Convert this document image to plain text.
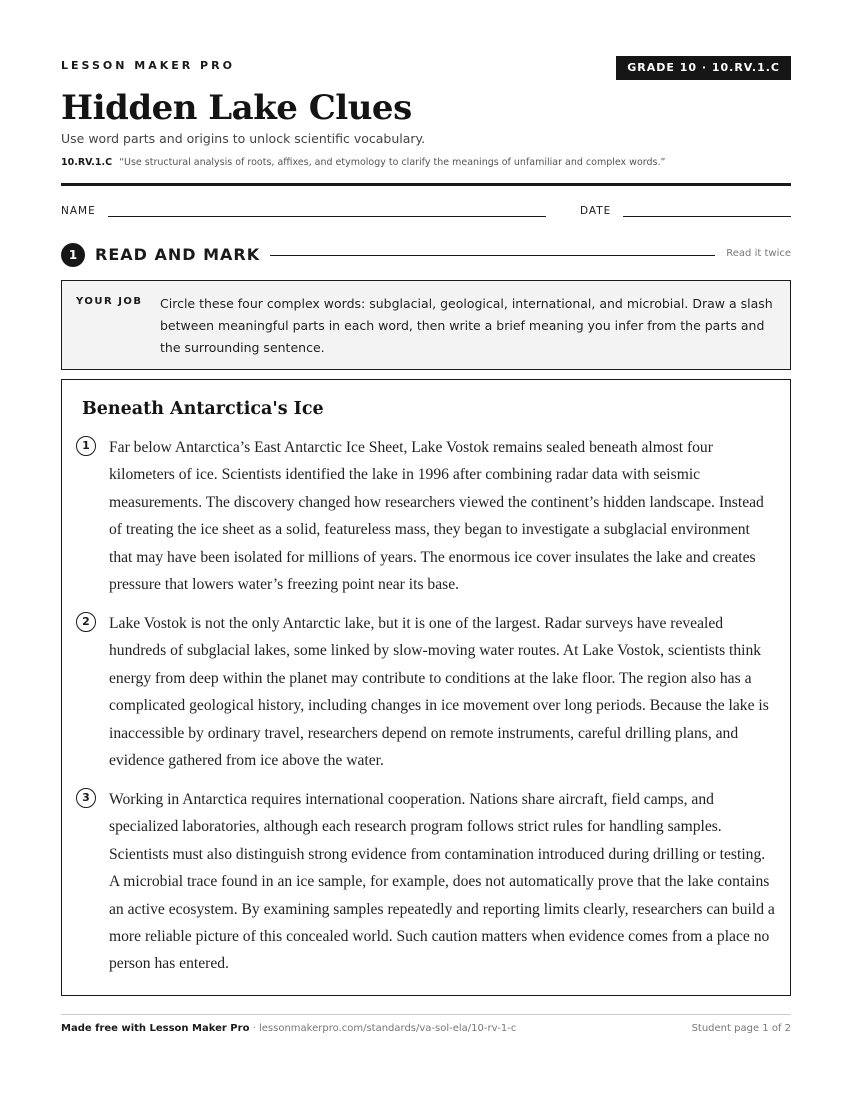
LESSON MAKER PRO	GRADE 10 · 10.RV.1.C
Hidden Lake Clues
Use word parts and origins to unlock scientific vocabulary.
10.RV.1.C “Use structural analysis of roots, affixes, and etymology to clarify the meanings of unfamiliar and complex words.”
NAME	DATE
1	READ AND MARK	Read it twice
YOUR JOB Circle these four complex words: subglacial, geological, international, and microbial. Draw a slash between meaningful parts in each word, then write a brief meaning you infer from the parts and the surrounding sentence.
Beneath Antarctica's Ice
1	Far below Antarctica’s East Antarctic Ice Sheet, Lake Vostok remains sealed beneath almost four kilometers of ice. Scientists identified the lake in 1996 after combining radar data with seismic measurements. The discovery changed how researchers viewed the continent’s hidden landscape. Instead of treating the ice sheet as a solid, featureless mass, they began to investigate a subglacial environment that may have been isolated for millions of years. The enormous ice cover insulates the lake and creates pressure that lowers water’s freezing point near its base.

2	Lake Vostok is not the only Antarctic lake, but it is one of the largest. Radar surveys have revealed hundreds of subglacial lakes, some linked by slow-moving water routes. At Lake Vostok, scientists think energy from deep within the planet may contribute to conditions at the lake floor. The region also has a complicated geological history, including changes in ice movement over long periods. Because the lake is inaccessible by ordinary travel, researchers depend on remote instruments, careful drilling plans, and evidence gathered from ice above the water.

3	Working in Antarctica requires international cooperation. Nations share aircraft, field camps, and specialized laboratories, although each research program follows strict rules for handling samples. Scientists must also distinguish strong evidence from contamination introduced during drilling or testing. A microbial trace found in an ice sample, for example, does not automatically prove that the lake contains an active ecosystem. By examining samples repeatedly and reporting limits clearly, researchers can build a more reliable picture of this concealed world. Such caution matters when evidence comes from a place no person has entered.

Made free with Lesson Maker Pro · lessonmakerpro.com/standards/va-sol-ela/10-rv-1-c	Student page 1 of 2
